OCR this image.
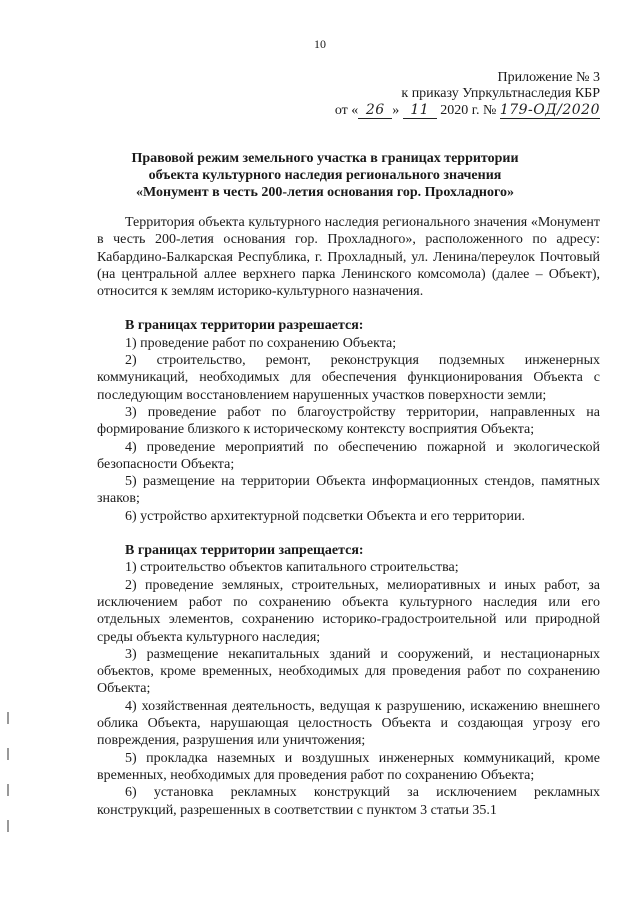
10
Приложение № 3
к приказу Упркультнаследия КБР
от « 26 » 11 2020 г. № 179-ОД/2020
Правовой режим земельного участка в границах территории
объекта культурного наследия регионального значения
«Монумент в честь 200-летия основания гор. Прохладного»

Территория объекта культурного наследия регионального значения «Монумент в честь 200-летия основания гор. Прохладного», расположенного по адресу: Кабардино-Балкарская Республика, г. Прохладный, ул. Ленина/переулок Почтовый (на центральной аллее верхнего парка Ленинского комсомола) (далее – Объект), относится к землям историко-культурного назначения.

В границах территории разрешается:

1) проведение работ по сохранению Объекта;

2) строительство, ремонт, реконструкция подземных инженерных коммуникаций, необходимых для обеспечения функционирования Объекта с последующим восстановлением нарушенных участков поверхности земли;

3) проведение работ по благоустройству территории, направленных на формирование близкого к историческому контексту восприятия Объекта;

4) проведение мероприятий по обеспечению пожарной и экологической безопасности Объекта;

5) размещение на территории Объекта информационных стендов, памятных знаков;

6) устройство архитектурной подсветки Объекта и его территории.

В границах территории запрещается:

1) строительство объектов капитального строительства;

2) проведение земляных, строительных, мелиоративных и иных работ, за исключением работ по сохранению объекта культурного наследия или его отдельных элементов, сохранению историко-градостроительной или природной среды объекта культурного наследия;

3) размещение некапитальных зданий и сооружений, и нестационарных объектов, кроме временных, необходимых для проведения работ по сохранению Объекта;

4) хозяйственная деятельность, ведущая к разрушению, искажению внешнего облика Объекта, нарушающая целостность Объекта и создающая угрозу его повреждения, разрушения или уничтожения;

5) прокладка наземных и воздушных инженерных коммуникаций, кроме временных, необходимых для проведения работ по сохранению Объекта;

6) установка рекламных конструкций за исключением рекламных конструкций, разрешенных в соответствии с пунктом 3 статьи 35.1
